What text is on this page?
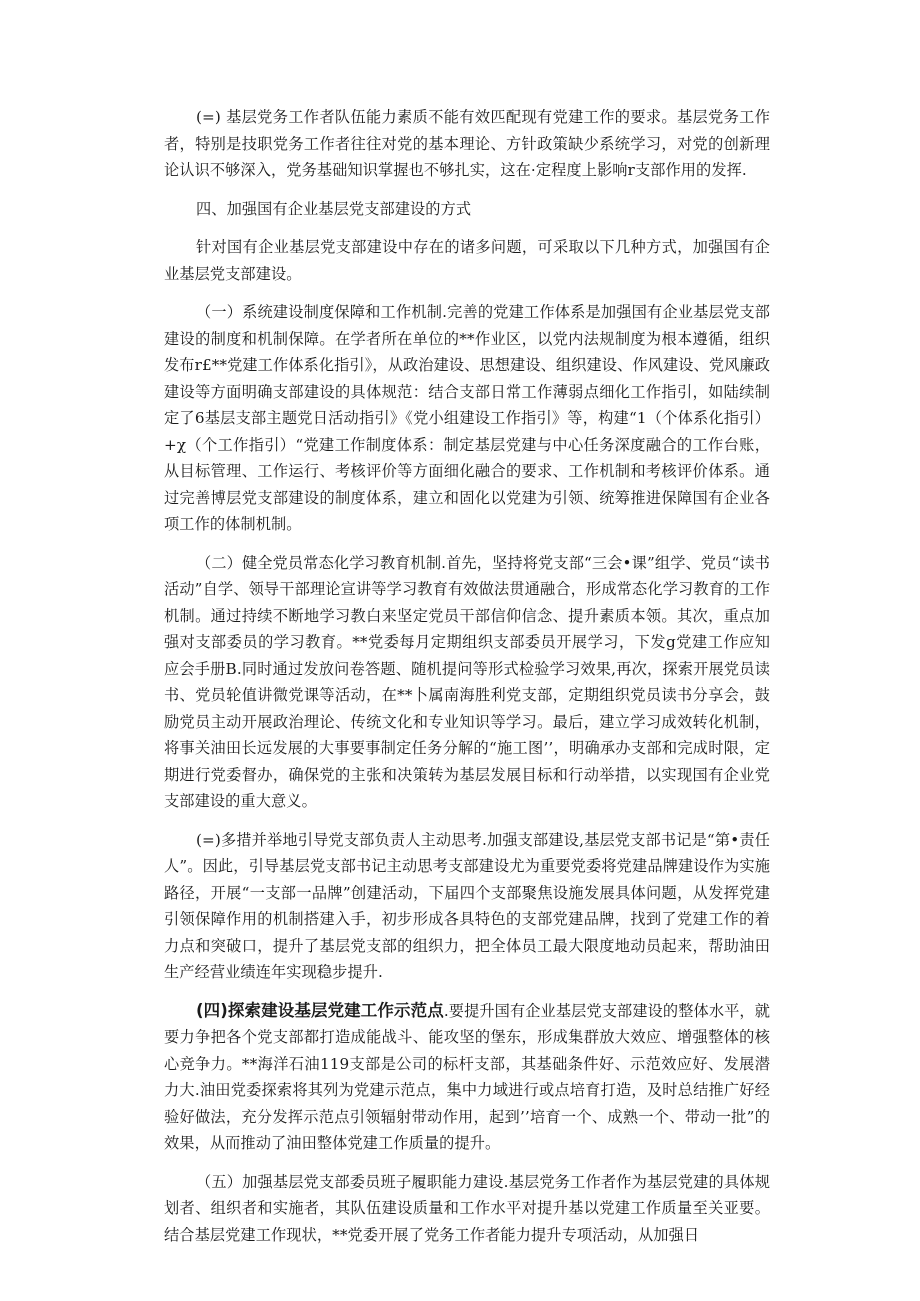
(=) 基层党务工作者队伍能力素质不能有效匹配现有党建工作的要求。基层党务工作者，特别是技职党务工作者往往对党的基本理论、方针政策缺少系统学习，对党的创新理论认识不够深入，党务基础知识掌握也不够扎实，这在·定程度上影响r支部作用的发挥.

四、加强国有企业基层党支部建设的方式

针对国有企业基层党支部建设中存在的诸多问题，可采取以下几种方式，加强国有企业基层党支部建设。

（一）系统建设制度保障和工作机制.完善的党建工作体系是加强国有企业基层党支部建设的制度和机制保障。在学者所在单位的**作业区，以党内法规制度为根本遵循，组织发布r£**党建工作体系化指引》，从政治建设、思想建设、组织建设、作风建设、党风廉政建设等方面明确支部建设的具体规范：结合支部日常工作薄弱点细化工作指引，如陆续制定了6基层支部主题党日活动指引》《党小组建设工作指引》等，构建“1（个体系化指引）+χ（个工作指引）“党建工作制度体系：制定基层党建与中心任务深度融合的工作台账，从目标管理、工作运行、考核评价等方面细化融合的要求、工作机制和考核评价体系。通过完善博层党支部建设的制度体系，建立和固化以党建为引领、统筹推进保障国有企业各项工作的体制机制。

（二）健全党员常态化学习教育机制.首先，坚持将党支部“三会•课”组学、党员“读书活动”自学、领导干部理论宣讲等学习教育有效做法贯通融合，形成常态化学习教育的工作机制。通过持续不断地学习教白来坚定党员干部信仰信念、提升素质本领。其次，重点加强对支部委员的学习教育。**党委每月定期组织支部委员开展学习，下发g党建工作应知应会手册B.同时通过发放问卷答题、随机提问等形式检验学习效果,再次，探索开展党员读书、党员轮值讲微党课等活动，在**卜属南海胜利党支部，定期组织党员读书分享会，鼓励党员主动开展政治理论、传统文化和专业知识等学习。最后，建立学习成效转化机制，将事关油田长远发展的大事要事制定任务分解的“施工图’’，明确承办支部和完成时限，定期进行党委督办，确保党的主张和决策转为基层发展目标和行动举措，以实现国有企业党支部建设的重大意义。

(=)多措并举地引导党支部负责人主动思考.加强支部建设,基层党支部书记是“第•责任人”。因此，引导基层党支部书记主动思考支部建设尤为重要党委将党建品牌建设作为实施路径，开展“一支部一品牌”创建活动，下届四个支部聚焦设施发展具体问题，从发挥党建引领保障作用的机制搭建入手，初步形成各具特色的支部党建品牌，找到了党建工作的着力点和突破口，提升了基层党支部的组织力，把全体员工最大限度地动员起来，帮助油田生产经营业绩连年实现稳步提升.

(四)探索建设基层党建工作示范点.要提升国有企业基层党支部建设的整体水平，就要力争把各个党支部都打造成能战斗、能攻坚的堡东，形成集群放大效应、增强整体的核心竞争力。**海洋石油119支部是公司的标杆支部，其基础条件好、示范效应好、发展潜力大.油田党委探索将其列为党建示范点，集中力域进行或点培育打造，及时总结推广好经验好做法，充分发挥示范点引领辐射带动作用，起到’’培育一个、成熟一个、带动一批”的效果，从而推动了油田整体党建工作质量的提升。

（五）加强基层党支部委员班子履职能力建设.基层党务工作者作为基层党建的具体规划者、组织者和实施者，其队伍建设质量和工作水平对提升基以党建工作质量至关亚要。结合基层党建工作现状，**党委开展了党务工作者能力提升专项活动，从加强日
